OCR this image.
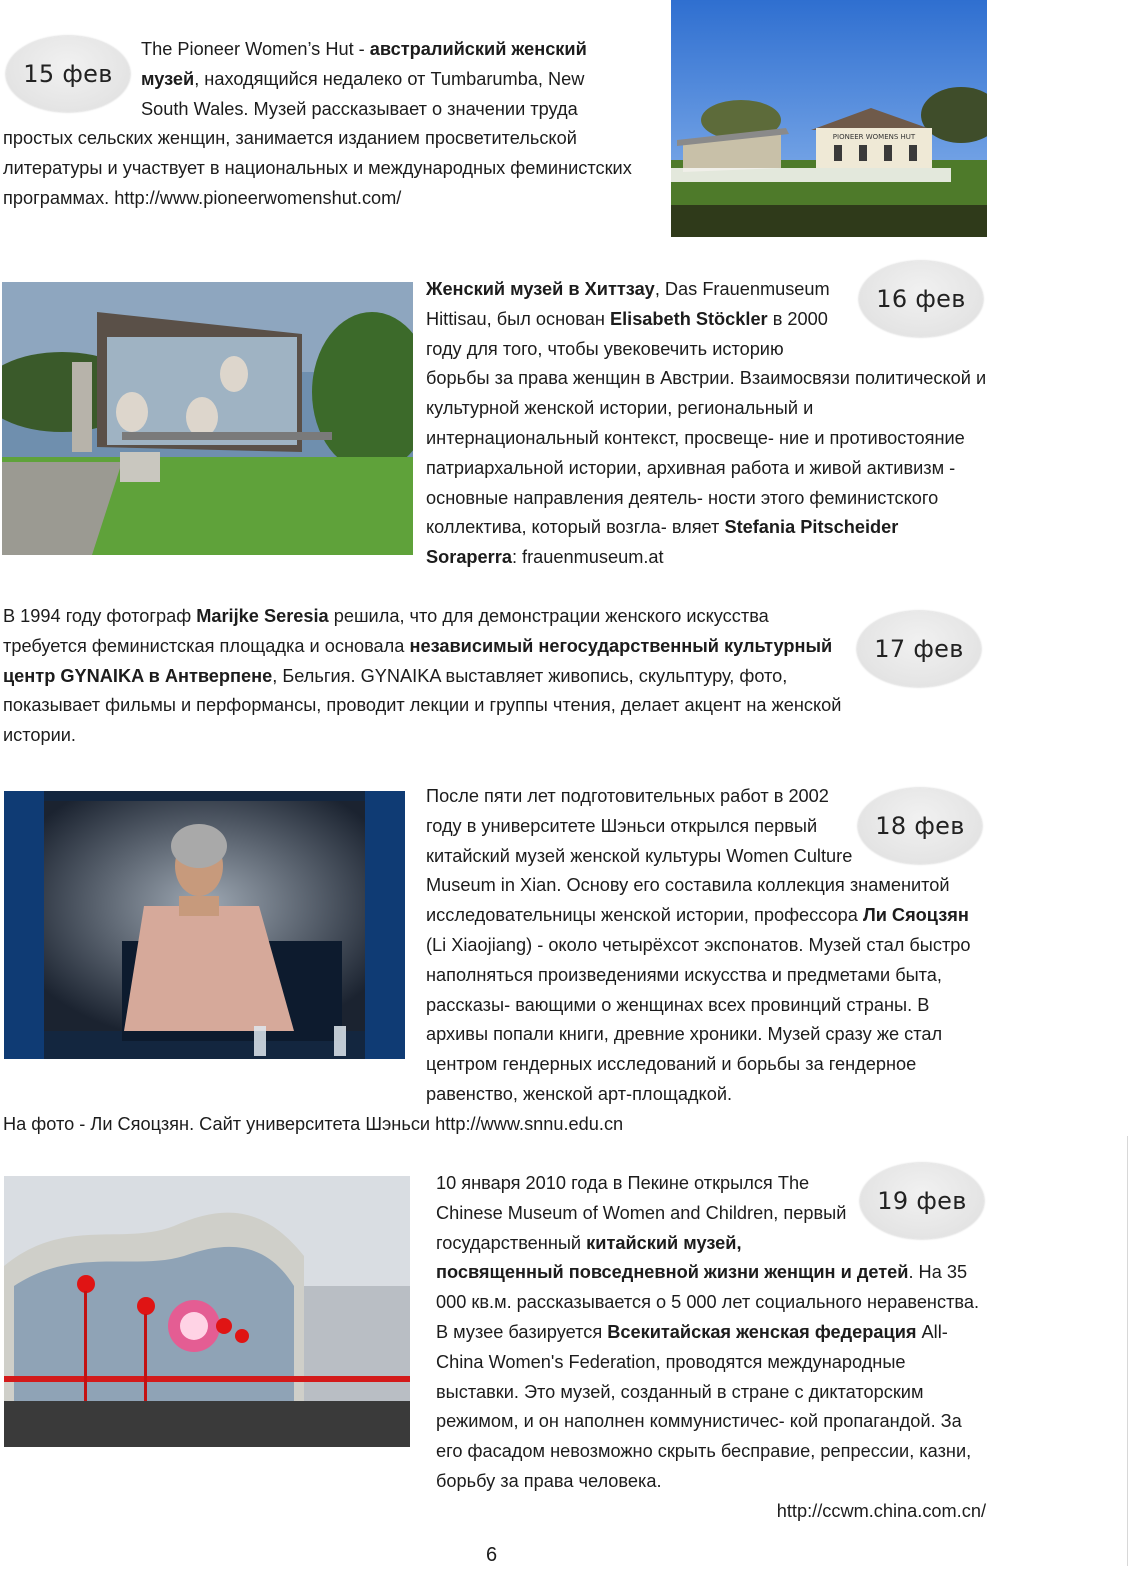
PIONEER WOMENS HUT

The Pioneer Women’s Hut - австралийский женский музей, находящийся недалеко от Tumbarumba, New South Wales. Музей рассказывает о значении труда простых сельских женщин, занимается изданием просветительской литературы и участвует в национальных и международных феминистских программах. http://www.pioneerwomenshut.com/

15 фев

Женский музей в Хиттзау, Das Frauenmuseum Hittisau, был основан Elisabeth Stöckler в 2000 году для того, чтобы увековечить историю борьбы за права женщин в Австрии. Взаимосвязи политической и культурной женской истории, региональный и интернациональный контекст, просвеще- ние и противостояние патриархальной истории, архивная работа и живой активизм - основные направления деятель- ности этого феминистского коллектива, который возгла- вляет Stefania Pitscheider Soraperra: frauenmuseum.at

16 фев

В 1994 году фотограф Marijke Seresia решила, что для демонстрации женского искусства требуется феминистская площадка и основала независимый негосударственный культурный центр GYNAIKA в Антверпене, Бельгия. GYNAIKA выставляет живопись, скульптуру, фото, показывает фильмы и перформансы, проводит лекции и группы чтения, делает акцент на женской истории.

17 фев

После пяти лет подготовительных работ в 2002 году в университете Шэньси открылся первый китайский музей женской культуры Women Culture Museum in Xian. Основу его составила коллекция знаменитой исследовательницы женской истории, профессора Ли Сяоцзян (Li Xiaojiang) - около четырёхсот экспонатов. Музей стал быстро наполняться произведениями искусства и предметами быта, рассказы- вающими о женщинах всех провинций страны. В архивы попали книги, древние хроники. Музей сразу же стал центром гендерных исследований и борьбы за гендерное равенство, женской арт-площадкой.
На фото - Ли Сяоцзян. Сайт университета Шэньси http://www.snnu.edu.cn

18 фев

10 января 2010 года в Пекине открылся The Chinese Museum of Women and Children, первый государственный китайский музей, посвященный повседневной жизни женщин и детей. На 35 000 кв.м. рассказывается о 5 000 лет социального неравенства. В музее базируется Всекитайская женская федерация All-China Women's Federation, проводятся международные выставки. Это музей, созданный в стране с диктаторским режимом, и он наполнен коммунистичес- кой пропагандой. За его фасадом невозможно скрыть бесправие, репрессии, казни, борьбу за права человека.

http://ccwm.china.com.cn/
19 фев
6
